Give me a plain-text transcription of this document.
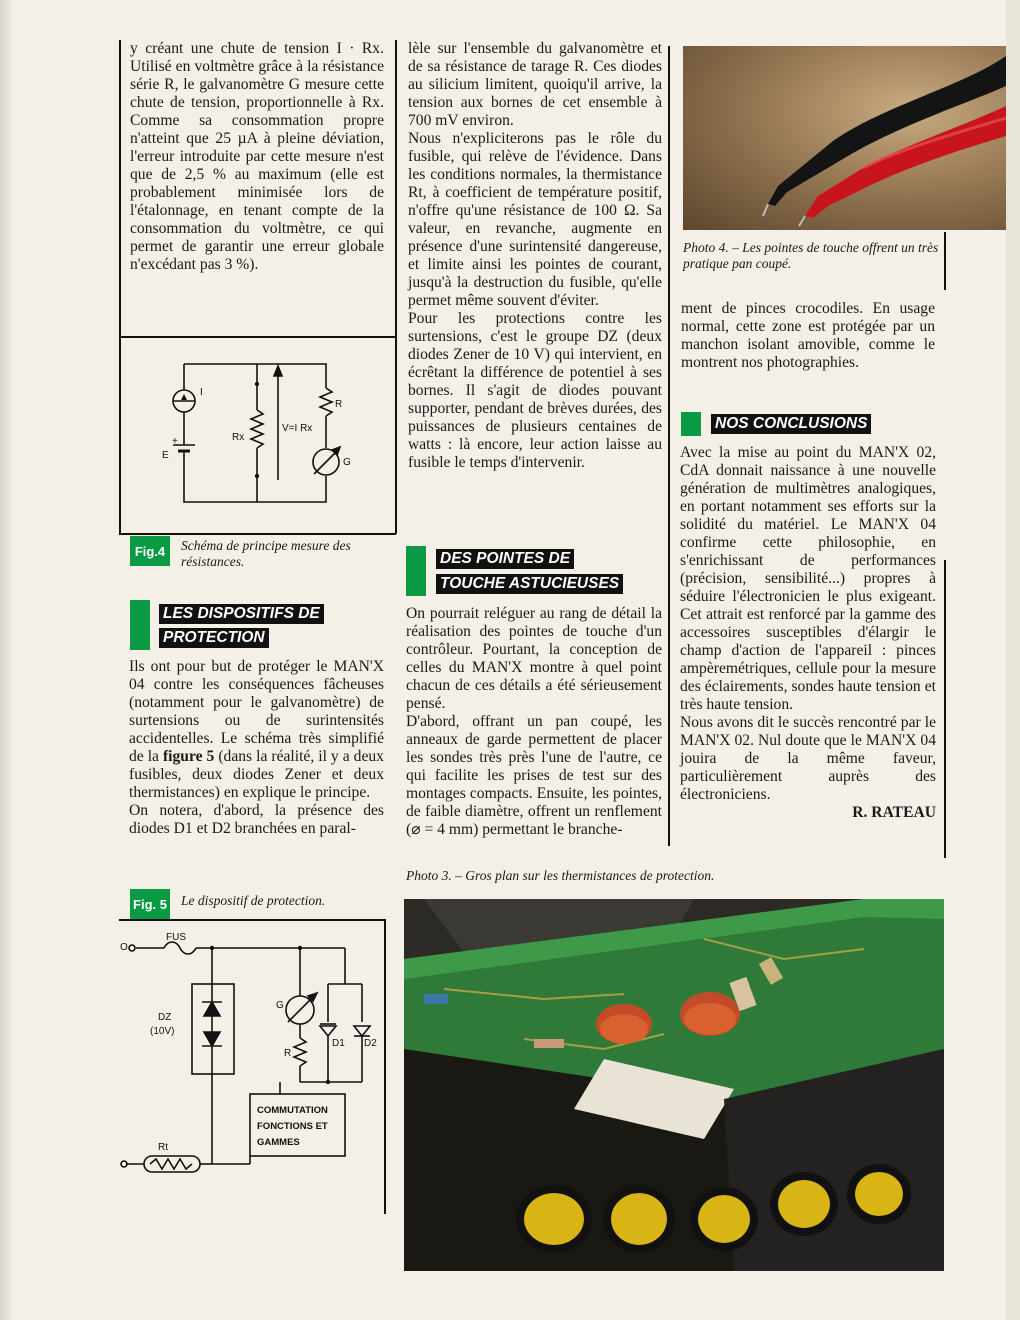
y créant une chute de tension I · Rx. Utilisé en voltmètre grâce à la résistance série R, le galvanomètre G mesure cette chute de tension, proportionnelle à Rx. Comme sa consommation propre n'atteint que 25 µA à pleine déviation, l'erreur introduite par cette mesure n'est que de 2,5 % au maximum (elle est probablement minimisée lors de l'étalonnage, en tenant compte de la consommation du voltmètre, ce qui permet de garantir une erreur globale n'excédant pas 3 %).

I
R
Rx
V=I Rx
E
+
G
Fig.4	Schéma de principe mesure des résistances.
LES DISPOSITIFS DE
PROTECTION

Ils ont pour but de protéger le MAN'X 04 contre les conséquences fâcheuses (notamment pour le galvanomètre) de surtensions ou de surintensités accidentelles. Le schéma très simplifié de la figure 5 (dans la réalité, il y a deux fusibles, deux diodes Zener et deux thermistances) en explique le principe.

On notera, d'abord, la présence des diodes D1 et D2 branchées en paral-

lèle sur l'ensemble du galvanomètre et de sa résistance de tarage R. Ces diodes au silicium limitent, quoiqu'il arrive, la tension aux bornes de cet ensemble à 700 mV environ.

Nous n'expliciterons pas le rôle du fusible, qui relève de l'évidence. Dans les conditions normales, la thermistance Rt, à coefficient de température positif, n'offre qu'une résistance de 100 Ω. Sa valeur, en revanche, augmente en présence d'une surintensité dangereuse, et limite ainsi les pointes de courant, jusqu'à la destruction du fusible, qu'elle permet même souvent d'éviter.

Pour les protections contre les surtensions, c'est le groupe DZ (deux diodes Zener de 10 V) qui intervient, en écrêtant la différence de potentiel à ses bornes. Il s'agit de diodes pouvant supporter, pendant de brèves durées, des puissances de plusieurs centaines de watts : là encore, leur action laisse au fusible le temps d'intervenir.

DES POINTES DE
TOUCHE ASTUCIEUSES

On pourrait reléguer au rang de détail la réalisation des pointes de touche d'un contrôleur. Pourtant, la conception de celles du MAN'X montre à quel point chacun de ces détails a été sérieusement pensé.

D'abord, offrant un pan coupé, les anneaux de garde permettent de placer les sondes très près l'une de l'autre, ce qui facilite les prises de test sur des montages compacts. Ensuite, les pointes, de faible diamètre, offrent un renflement (⌀ = 4 mm) permettant le branche-

Photo 4. – Les pointes de touche offrent un très pratique pan coupé.

ment de pinces crocodiles. En usage normal, cette zone est protégée par un manchon isolant amovible, comme le montrent nos photographies.

NOS CONCLUSIONS

Avec la mise au point du MAN'X 02, CdA donnait naissance à une nouvelle génération de multimètres analogiques, en portant notamment ses efforts sur la solidité du matériel. Le MAN'X 04 confirme cette philosophie, en s'enrichissant de performances (précision, sensibilité...) propres à séduire l'électronicien le plus exigeant. Cet attrait est renforcé par la gamme des accessoires susceptibles d'élargir le champ d'action de l'appareil : pinces ampèremétriques, cellule pour la mesure des éclairements, sondes haute tension et très haute tension.

Nous avons dit le succès rencontré par le MAN'X 02. Nul doute que le MAN'X 04 jouira de la même faveur, particulièrement auprès des électroniciens.

R. RATEAU

Photo 3. – Gros plan sur les thermistances de protection.
Fig. 5 Le dispositif de protection.
FUS
O
DZ
(10V)
G
R
D1 D2
Rt
COMMUTATION
FONCTIONS ET
GAMMES
